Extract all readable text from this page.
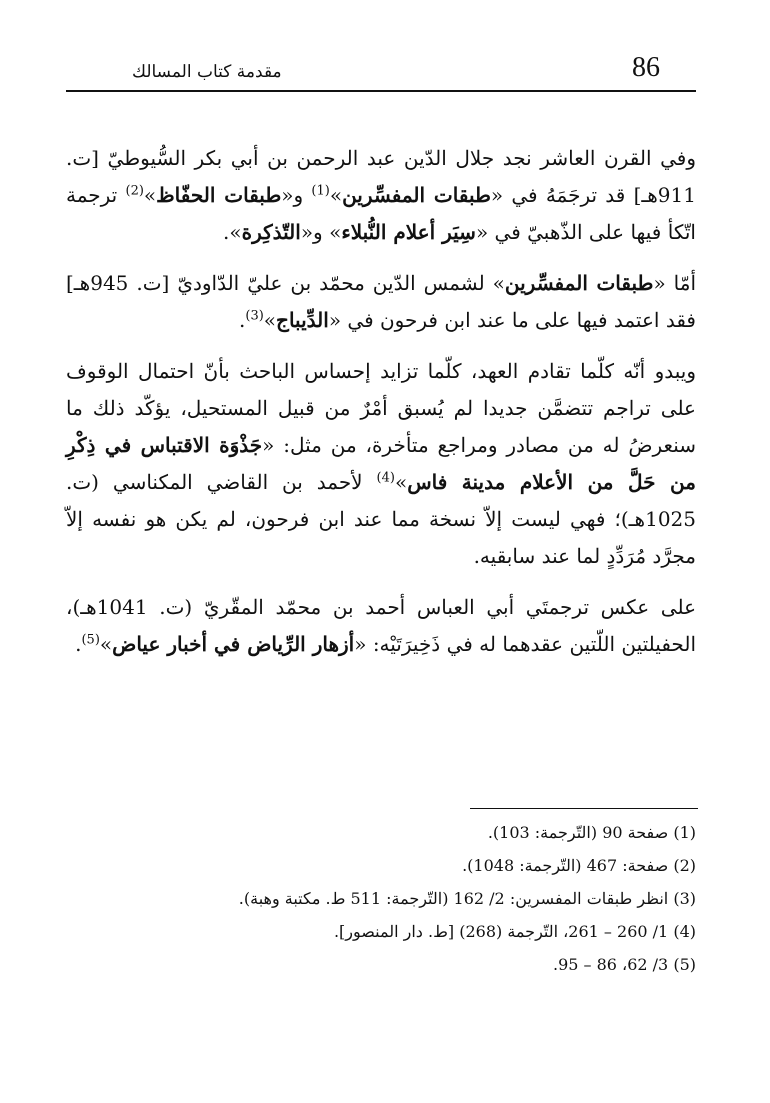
86
مقدمة كتاب المسالك

وفي القرن العاشر نجد جلال الدّين عبد الرحمن بن أبي بكر السُّيوطيّ [ت. 911هـ] قد ترجَمَهُ في «طبقات المفسِّرين»$^{(1)}$ و«طبقات الحفّاظ»$^{(2)}$ ترجمة اتّكأ فيها على الذّهبيّ في «سِيَر أعلام النُّبلاء» و«التّذكِرة».

أمّا «طبقات المفسِّرين» لشمس الدّين محمّد بن عليّ الدّاوديّ [ت. 945هـ] فقد اعتمد فيها على ما عند ابن فرحون في «الدِّيباج»$^{(3)}$.

ويبدو أنّه كلّما تقادم العهد، كلّما تزايد إحساس الباحث بأنّ احتمال الوقوف على تراجم تتضمَّن جديدا لم يُسبق أمْرٌ من قبيل المستحيل، يؤكّد ذلك ما سنعرضُ له من مصادر ومراجع متأخرة، من مثل: «جَذْوَة الاقتباس في ذِكْرِ من حَلَّ من الأعلام مدينة فاس»$^{(4)}$ لأحمد بن القاضي المكناسي (ت. 1025هـ)؛ فهي ليست إلاّ نسخة مما عند ابن فرحون، لم يكن هو نفسه إلاّ مجرَّد مُرَدِّدٍ لما عند سابقيه.

على عكس ترجمتَي أبي العباس أحمد بن محمّد المقّريّ (ت. 1041هـ)، الحفيلتين اللّتين عقدهما له في ذَخِيرَتَيْه: «أزهار الرِّياض في أخبار عياض»$^{(5)}$.

(1) صفحة 90 (التّرجمة: 103).
(2) صفحة: 467 (التّرجمة: 1048).
(3) انظر طبقات المفسرين: 2/ 162 (التّرجمة: 511 ط. مكتبة وهبة).
(4) 1/ 260 – 261، التّرجمة (268) [ط. دار المنصور].
(5) 3/ 62، 86 – 95.
